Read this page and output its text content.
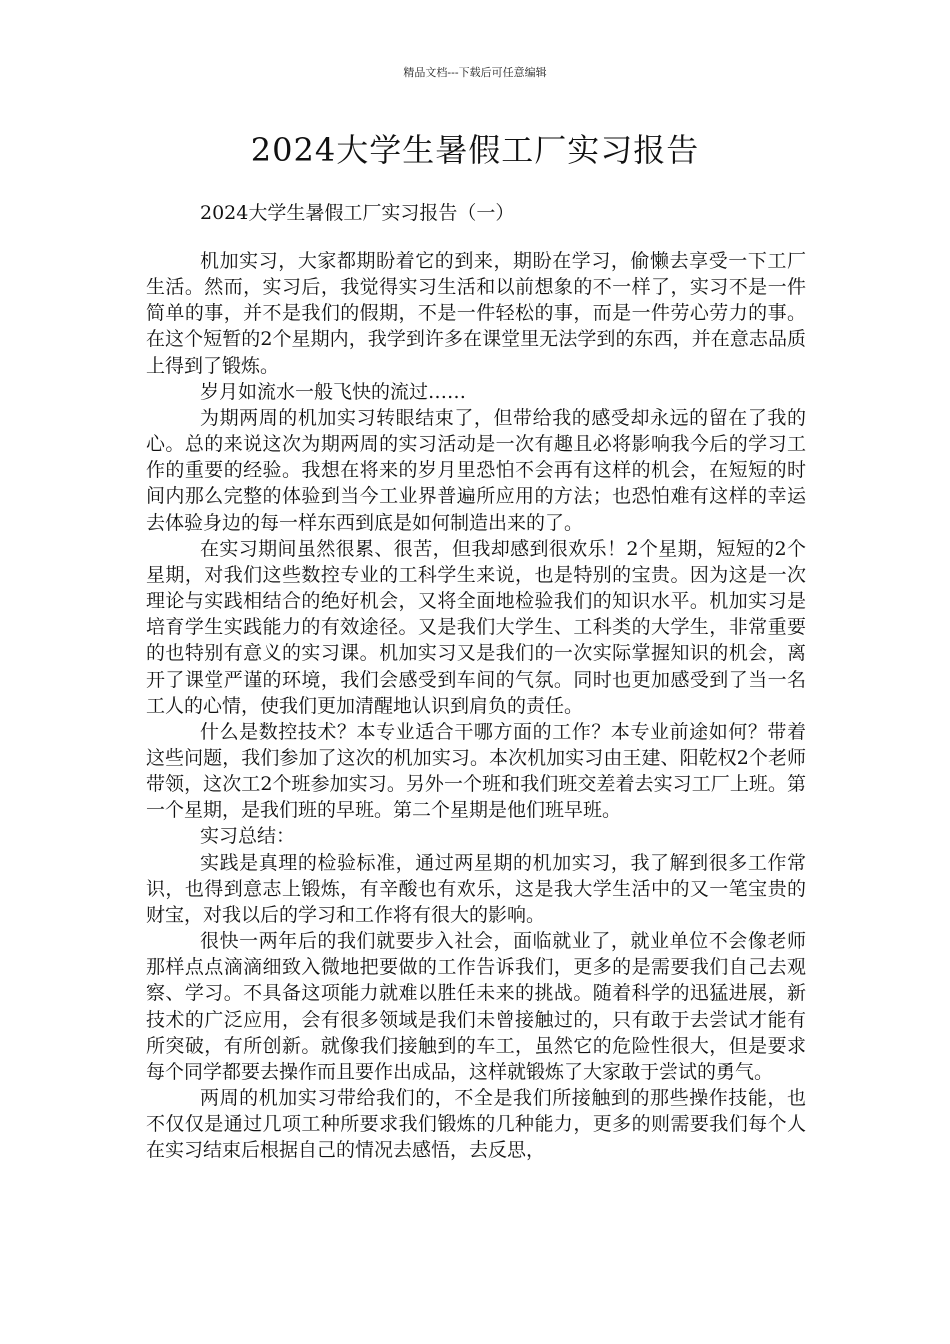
精品文档---下载后可任意编辑
2024大学生暑假工厂实习报告
2024大学生暑假工厂实习报告（一）

机加实习，大家都期盼着它的到来，期盼在学习，偷懒去享受一下工厂生活。然而，实习后，我觉得实习生活和以前想象的不一样了，实习不是一件简单的事，并不是我们的假期，不是一件轻松的事，而是一件劳心劳力的事。在这个短暂的2个星期内，我学到许多在课堂里无法学到的东西，并在意志品质上得到了锻炼。

岁月如流水一般飞快的流过……

为期两周的机加实习转眼结束了，但带给我的感受却永远的留在了我的心。总的来说这次为期两周的实习活动是一次有趣且必将影响我今后的学习工作的重要的经验。我想在将来的岁月里恐怕不会再有这样的机会，在短短的时间内那么完整的体验到当今工业界普遍所应用的方法；也恐怕难有这样的幸运去体验身边的每一样东西到底是如何制造出来的了。

在实习期间虽然很累、很苦，但我却感到很欢乐！2个星期，短短的2个星期，对我们这些数控专业的工科学生来说，也是特别的宝贵。因为这是一次理论与实践相结合的绝好机会，又将全面地检验我们的知识水平。机加实习是培育学生实践能力的有效途径。又是我们大学生、工科类的大学生，非常重要的也特别有意义的实习课。机加实习又是我们的一次实际掌握知识的机会，离开了课堂严谨的环境，我们会感受到车间的气氛。同时也更加感受到了当一名工人的心情，使我们更加清醒地认识到肩负的责任。

什么是数控技术？本专业适合干哪方面的工作？本专业前途如何？带着这些问题，我们参加了这次的机加实习。本次机加实习由王建、阳乾权2个老师带领，这次工2个班参加实习。另外一个班和我们班交差着去实习工厂上班。第一个星期，是我们班的早班。第二个星期是他们班早班。

实习总结：

实践是真理的检验标准，通过两星期的机加实习，我了解到很多工作常识，也得到意志上锻炼，有辛酸也有欢乐，这是我大学生活中的又一笔宝贵的财宝，对我以后的学习和工作将有很大的影响。

很快一两年后的我们就要步入社会，面临就业了，就业单位不会像老师那样点点滴滴细致入微地把要做的工作告诉我们，更多的是需要我们自己去观察、学习。不具备这项能力就难以胜任未来的挑战。随着科学的迅猛进展，新技术的广泛应用，会有很多领域是我们未曾接触过的，只有敢于去尝试才能有所突破，有所创新。就像我们接触到的车工，虽然它的危险性很大，但是要求每个同学都要去操作而且要作出成品，这样就锻炼了大家敢于尝试的勇气。

两周的机加实习带给我们的，不全是我们所接触到的那些操作技能，也不仅仅是通过几项工种所要求我们锻炼的几种能力，更多的则需要我们每个人在实习结束后根据自己的情况去感悟，去反思，
